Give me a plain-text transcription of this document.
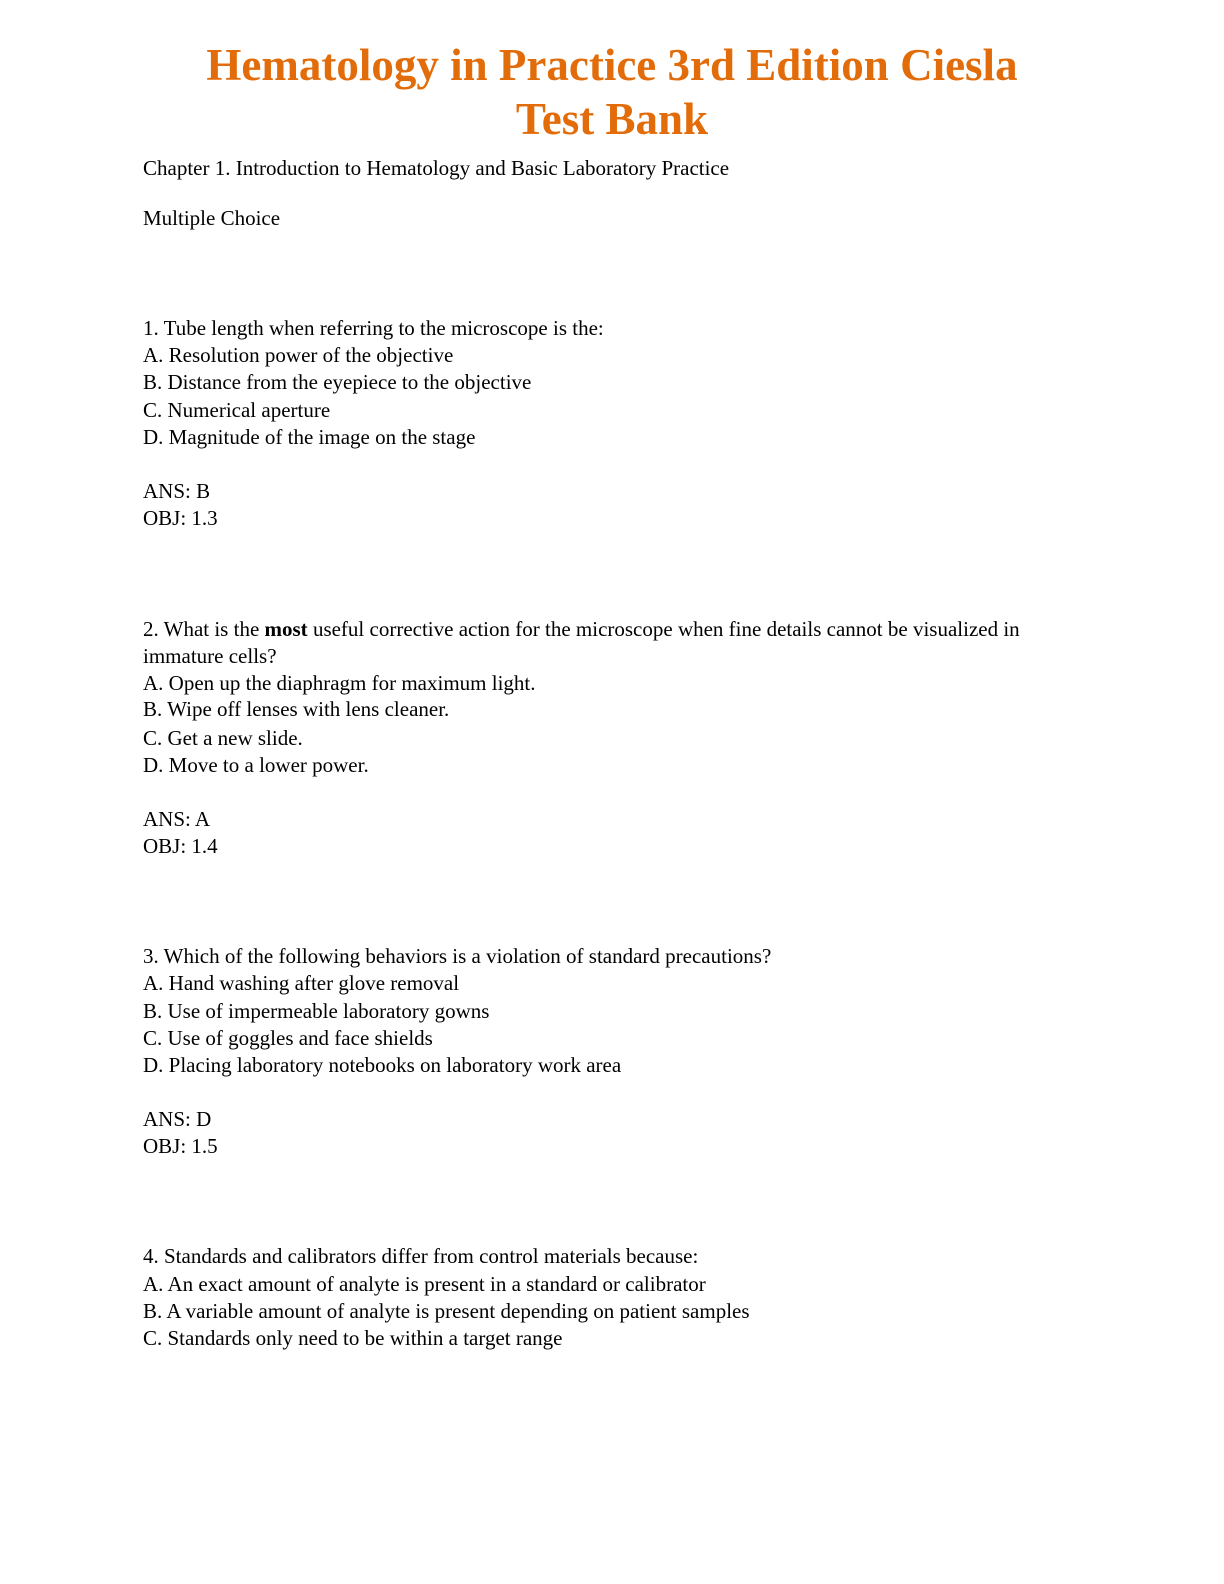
Hematology in Practice 3rd Edition Ciesla
Test Bank
Chapter 1. Introduction to Hematology and Basic Laboratory Practice
Multiple Choice
1. Tube length when referring to the microscope is the:
A. Resolution power of the objective
B. Distance from the eyepiece to the objective
C. Numerical aperture
D. Magnitude of the image on the stage
ANS: B
OBJ: 1.3
2. What is the most useful corrective action for the microscope when fine details cannot be visualized in immature cells?
A. Open up the diaphragm for maximum light.
B. Wipe off lenses with lens cleaner.
C. Get a new slide.
D. Move to a lower power.
ANS: A
OBJ: 1.4
3. Which of the following behaviors is a violation of standard precautions?
A. Hand washing after glove removal
B. Use of impermeable laboratory gowns
C. Use of goggles and face shields
D. Placing laboratory notebooks on laboratory work area
ANS: D
OBJ: 1.5
4. Standards and calibrators differ from control materials because:
A. An exact amount of analyte is present in a standard or calibrator
B. A variable amount of analyte is present depending on patient samples
C. Standards only need to be within a target range
